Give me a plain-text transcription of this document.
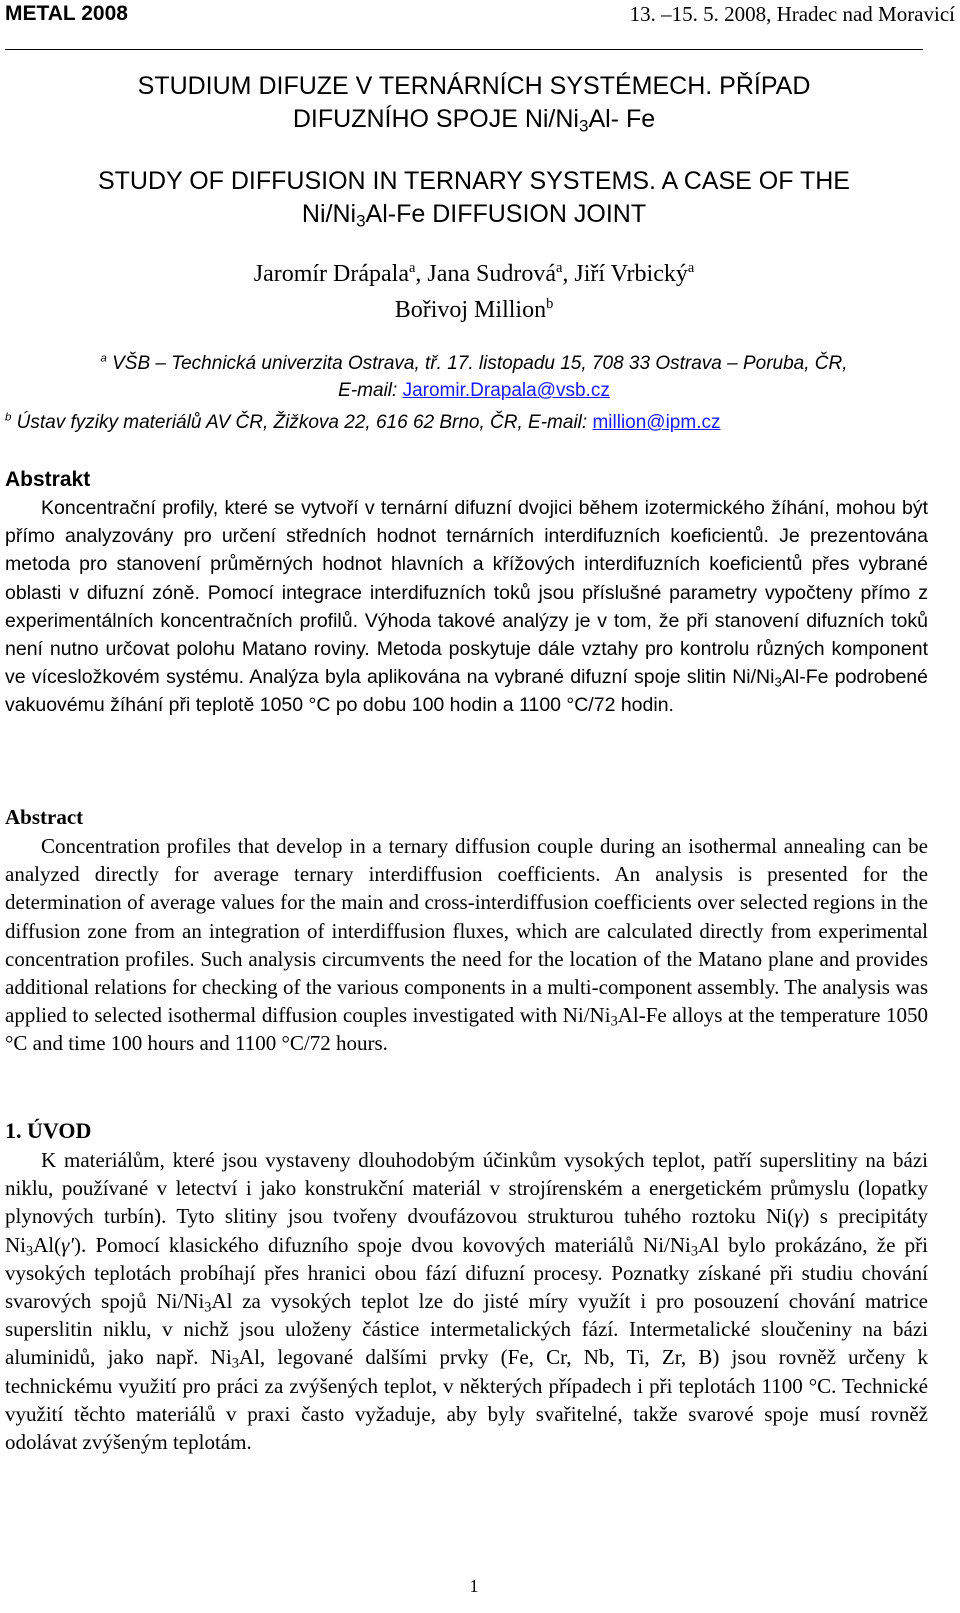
METAL 2008	13. –15. 5. 2008, Hradec nad Moravicí
STUDIUM DIFUZE V TERNÁRNÍCH SYSTÉMECH. PŘÍPAD
DIFUZNÍHO SPOJE $Ni/Ni_3Al-$ Fe
STUDY OF DIFFUSION IN TERNARY SYSTEMS. A CASE OF THE
$Ni/Ni_3Al-Fe$ DIFFUSION JOINT
Jaromír Drápala$^a$, Jana Sudrová$^a$, Jiří Vrbický$^a$
Bořivoj Million$^b$
$^a$ VŠB – Technická univerzita Ostrava, tř. 17. listopadu 15, 708 33 Ostrava – Poruba, ČR,
E-mail: Jaromir.Drapala@vsb.cz
$^b$ Ústav fyziky materiálů AV ČR, Žižkova 22, 616 62 Brno, ČR, E-mail: million@ipm.cz
Abstrakt
Koncentrační profily, které se vytvoří v ternární difuzní dvojici během izotermického žíhání, mohou být přímo analyzovány pro určení středních hodnot ternárních interdifuzních koeficientů. Je prezentována metoda pro stanovení průměrných hodnot hlavních a křížových interdifuzních koeficientů přes vybrané oblasti v difuzní zóně. Pomocí integrace interdifuzních toků jsou příslušné parametry vypočteny přímo z experimentálních koncentračních profilů. Výhoda takové analýzy je v tom, že při stanovení difuzních toků není nutno určovat polohu Matano roviny. Metoda poskytuje dále vztahy pro kontrolu různých komponent ve vícesložkovém systému. Analýza byla aplikována na vybrané difuzní spoje slitin $Ni/Ni_3Al-Fe$ podrobené vakuovému žíhání při teplotě 1050 °C po dobu 100 hodin a 1100 °C/72 hodin.
Abstract
Concentration profiles that develop in a ternary diffusion couple during an isothermal annealing can be analyzed directly for average ternary interdiffusion coefficients. An analysis is presented for the determination of average values for the main and cross-interdiffusion coefficients over selected regions in the diffusion zone from an integration of interdiffusion fluxes, which are calculated directly from experimental concentration profiles. Such analysis circumvents the need for the location of the Matano plane and provides additional relations for checking of the various components in a multi-component assembly. The analysis was applied to selected isothermal diffusion couples investigated with $Ni/Ni_3Al-Fe$ alloys at the temperature 1050 °C and time 100 hours and 1100 °C/72 hours.
1. ÚVOD
K materiálům, které jsou vystaveny dlouhodobým účinkům vysokých teplot, patří superslitiny na bázi niklu, používané v letectví i jako konstrukční materiál v strojírenském a energetickém průmyslu (lopatky plynových turbín). Tyto slitiny jsou tvořeny dvoufázovou strukturou tuhého roztoku Ni(γ) s precipitáty $Ni_3Al(\gamma')$. Pomocí klasického difuzního spoje dvou kovových materiálů $Ni/Ni_3Al$ bylo prokázáno, že při vysokých teplotách probíhají přes hranici obou fází difuzní procesy. Poznatky získané při studiu chování svarových spojů $Ni/Ni_3Al$ za vysokých teplot lze do jisté míry využít i pro posouzení chování matrice superslitin niklu, v nichž jsou uloženy částice intermetalických fází. Intermetalické sloučeniny na bázi aluminidů, jako např. $Ni_3Al$, legované dalšími prvky (Fe, Cr, Nb, Ti, Zr, B) jsou rovněž určeny k technickému využití pro práci za zvýšených teplot, v některých případech i při teplotách 1100 °C. Technické využití těchto materiálů v praxi často vyžaduje, aby byly svařitelné, takže svarové spoje musí rovněž odolávat zvýšeným teplotám.
1
